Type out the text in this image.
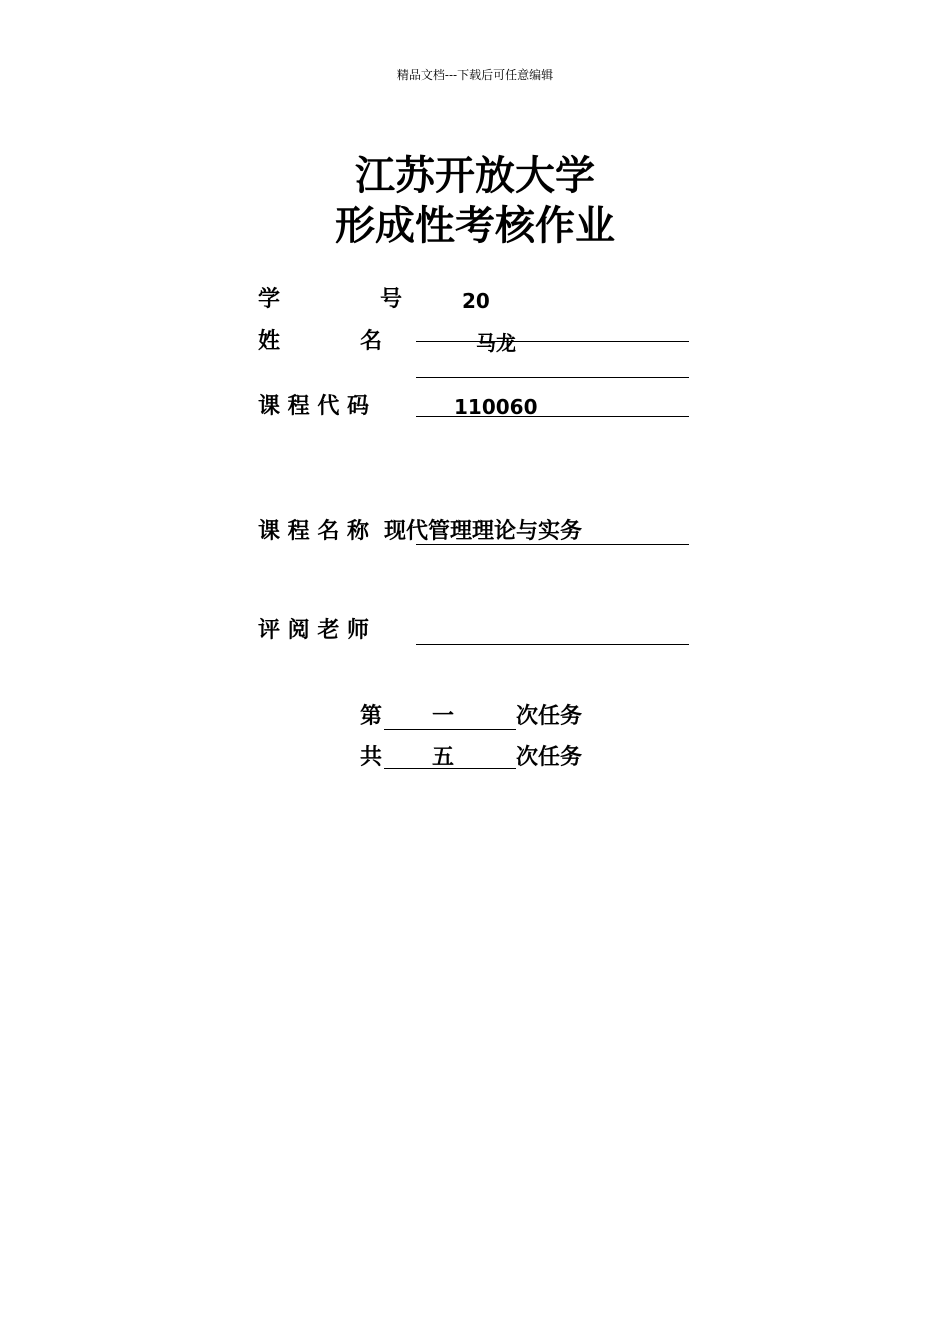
精品文档---下载后可任意编辑
江苏开放大学
形成性考核作业
学	号	20
姓	名	马龙
课 程 代 码	110060
课 程 名 称 现代管理理论与实务
评 阅 老 师
第 一	次任务
共 五	次任务
